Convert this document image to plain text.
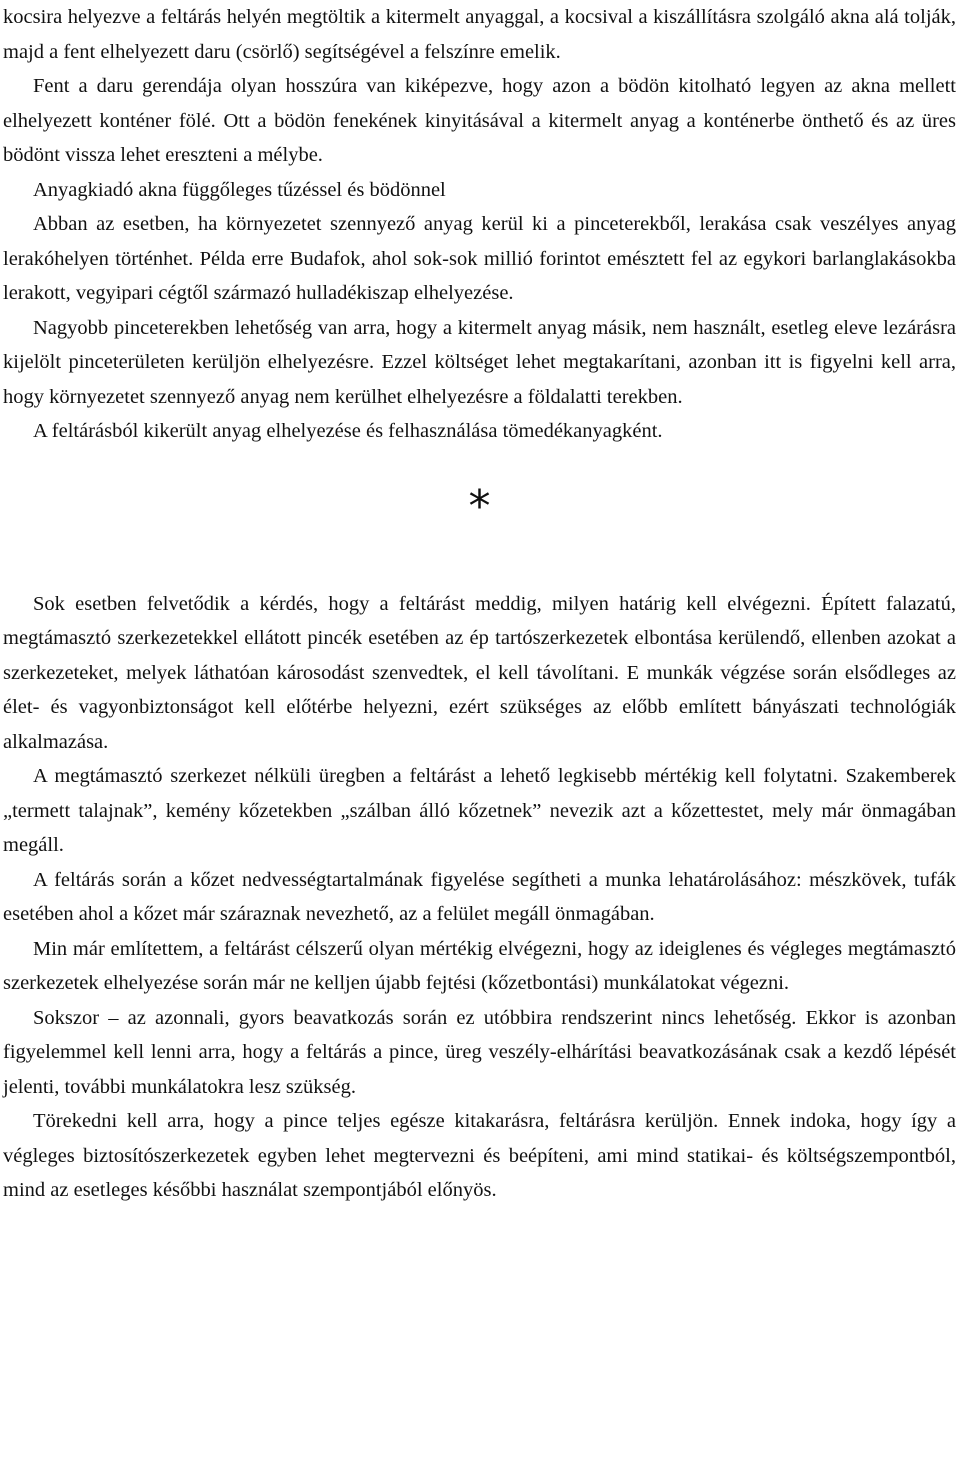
kocsira helyezve a feltárás helyén megtöltik a kitermelt anyaggal, a kocsival a kiszállításra szolgáló akna alá tolják, majd a fent elhelyezett daru (csörlő) segítségével a felszínre emelik.

Fent a daru gerendája olyan hosszúra van kiképezve, hogy azon a bödön kitolható legyen az akna mellett elhelyezett konténer fölé. Ott a bödön fenekének kinyitásával a kitermelt anyag a konténerbe önthető és az üres bödönt vissza lehet ereszteni a mélybe.

Anyagkiadó akna függőleges tűzéssel és bödönnel

Abban az esetben, ha környezetet szennyező anyag kerül ki a pinceterekből, lerakása csak veszélyes anyag lerakóhelyen történhet. Példa erre Budafok, ahol sok-sok millió forintot emésztett fel az egykori barlanglakásokba lerakott, vegyipari cégtől származó hulladékiszap elhelyezése.

Nagyobb pinceterekben lehetőség van arra, hogy a kitermelt anyag másik, nem használt, esetleg eleve lezárásra kijelölt pinceterületen kerüljön elhelyezésre. Ezzel költséget lehet megtakarítani, azonban itt is figyelni kell arra, hogy környezetet szennyező anyag nem kerülhet elhelyezésre a földalatti terekben.

A feltárásból kikerült anyag elhelyezése és felhasználása tömedékanyagként.

*

Sok esetben felvetődik a kérdés, hogy a feltárást meddig, milyen határig kell elvégezni. Épített falazatú, megtámasztó szerkezetekkel ellátott pincék esetében az ép tartószerkezetek elbontása kerülendő, ellenben azokat a szerkezeteket, melyek láthatóan károsodást szenvedtek, el kell távolítani. E munkák végzése során elsődleges az élet- és vagyonbiztonságot kell előtérbe helyezni, ezért szükséges az előbb említett bányászati technológiák alkalmazása.

A megtámasztó szerkezet nélküli üregben a feltárást a lehető legkisebb mértékig kell folytatni. Szakemberek „termett talajnak”, kemény kőzetekben „szálban álló kőzetnek” nevezik azt a kőzettestet, mely már önmagában megáll.

A feltárás során a kőzet nedvességtartalmának figyelése segítheti a munka lehatárolásához: mészkövek, tufák esetében ahol a kőzet már száraznak nevezhető, az a felület megáll önmagában.

Min már említettem, a feltárást célszerű olyan mértékig elvégezni, hogy az ideiglenes és végleges megtámasztó szerkezetek elhelyezése során már ne kelljen újabb fejtési (kőzetbontási) munkálatokat végezni.

Sokszor – az azonnali, gyors beavatkozás során ez utóbbira rendszerint nincs lehetőség. Ekkor is azonban figyelemmel kell lenni arra, hogy a feltárás a pince, üreg veszély-elhárítási beavatkozásának csak a kezdő lépését jelenti, további munkálatokra lesz szükség.

Törekedni kell arra, hogy a pince teljes egésze kitakarásra, feltárásra kerüljön. Ennek indoka, hogy így a végleges biztosítószerkezetek egyben lehet megtervezni és beépíteni, ami mind statikai- és költségszempontból, mind az esetleges későbbi használat szempontjából előnyös.
